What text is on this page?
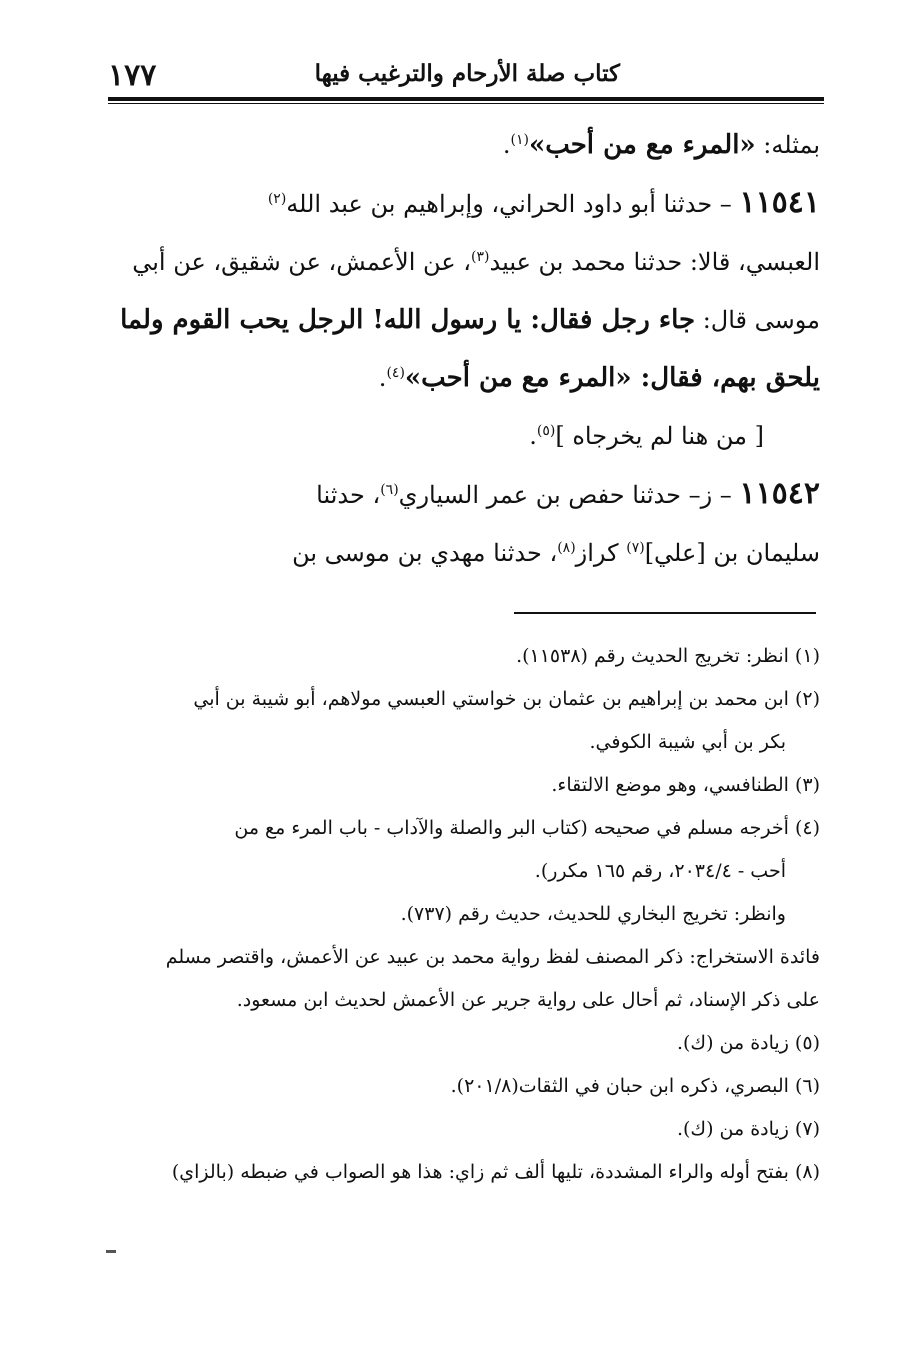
كتاب صلة الأرحام والترغيب فيها
١٧٧

بمثله: «المرء مع من أحب»$^{(١)}$.

١١٥٤١ – حدثنا أبو داود الحراني، وإبراهيم بن عبد الله$^{(٢)}$

العبسي، قالا: حدثنا محمد بن عبيد$^{(٣)}$، عن الأعمش، عن شقيق، عن أبي

موسى قال: جاء رجل فقال: يا رسول الله! الرجل يحب القوم ولما

يلحق بهم، فقال: «المرء مع من أحب»$^{(٤)}$.

[ من هنا لم يخرجاه ]$^{(٥)}$.

١١٥٤٢ – ز– حدثنا حفص بن عمر السياري$^{(٦)}$، حدثنا

سليمان بن [علي]$^{(٧)}$ كراز$^{(٨)}$، حدثنا مهدي بن موسى بن

(١) انظر: تخريج الحديث رقم (١١٥٣٨).

(٢) ابن محمد بن إبراهيم بن عثمان بن خواستي العبسي مولاهم، أبو شيبة بن أبي

بكر بن أبي شيبة الكوفي.

(٣) الطنافسي، وهو موضع الالتقاء.

(٤) أخرجه مسلم في صحيحه (كتاب البر والصلة والآداب - باب المرء مع من

أحب - ٢٠٣٤/٤، رقم ١٦٥ مكرر).

وانظر: تخريج البخاري للحديث، حديث رقم (٧٣٧).

فائدة الاستخراج: ذكر المصنف لفظ رواية محمد بن عبيد عن الأعمش، واقتصر مسلم

على ذكر الإسناد، ثم أحال على رواية جرير عن الأعمش لحديث ابن مسعود.

(٥) زيادة من (ك).

(٦) البصري، ذكره ابن حبان في الثقات(٢٠١/٨).

(٧) زيادة من (ك).

(٨) بفتح أوله والراء المشددة، تليها ألف ثم زاي: هذا هو الصواب في ضبطه (بالزاي)
